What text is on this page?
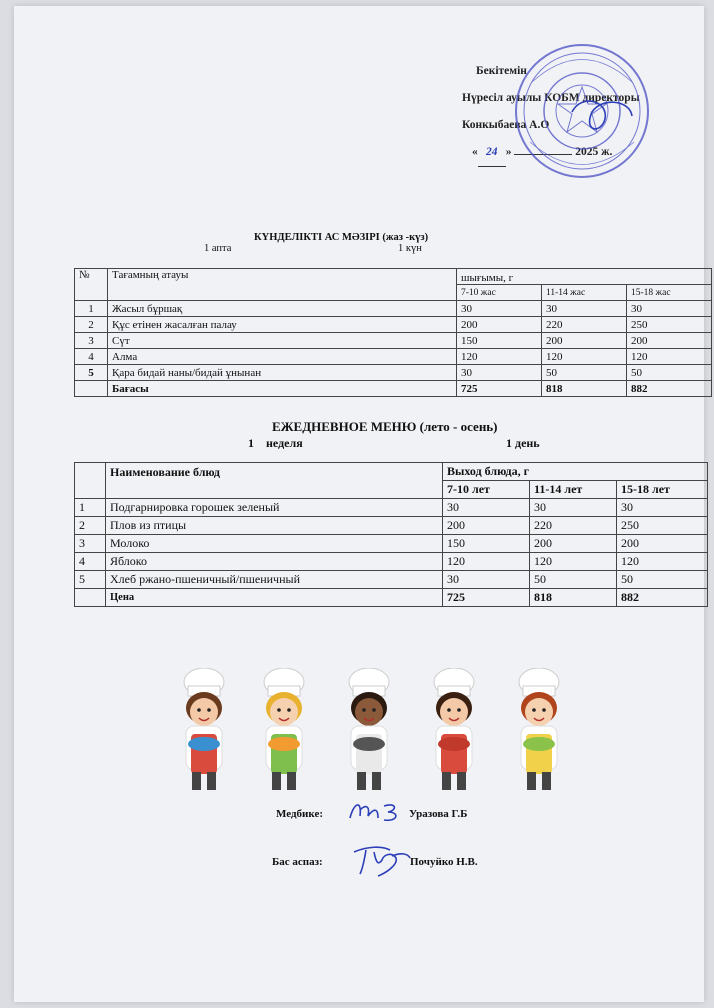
Бекітемін
Нүресіл ауылы КОБМ директоры
Конкыбаева А.О
« 24 »	2025 ж.
КҮНДЕЛІКТІ АС МӘЗІРІ (жаз -күз)
1 апта	1 күн
№	Тағамның атауы	шығымы, г		
		7-10 жас	11-14 жас	15-18 жас
1	Жасыл бұршақ	30	30	30
2	Құс етінен жасалған палау	200	220	250
3	Сүт	150	200	200
4	Алма	120	120	120
5	Қара бидай наны/бидай ұнынан	30	50	50
	Бағасы	725	818	882
ЕЖЕДНЕВНОЕ МЕНЮ (лето - осень)
1    неделя	1 день
	Наименование блюд	Выход блюда, г		
		7-10 лет	11-14 лет	15-18 лет
1	Подгарнировка горошек зеленый	30	30	30
2	Плов из птицы	200	220	250
3	Молоко	150	200	200
4	Яблоко	120	120	120
5	Хлеб ржано-пшеничный/пшеничный	30	50	50
	Цена	725	818	882
Медбике:	Уразова Г.Б
Бас аспаз:	Почуйко Н.В.
